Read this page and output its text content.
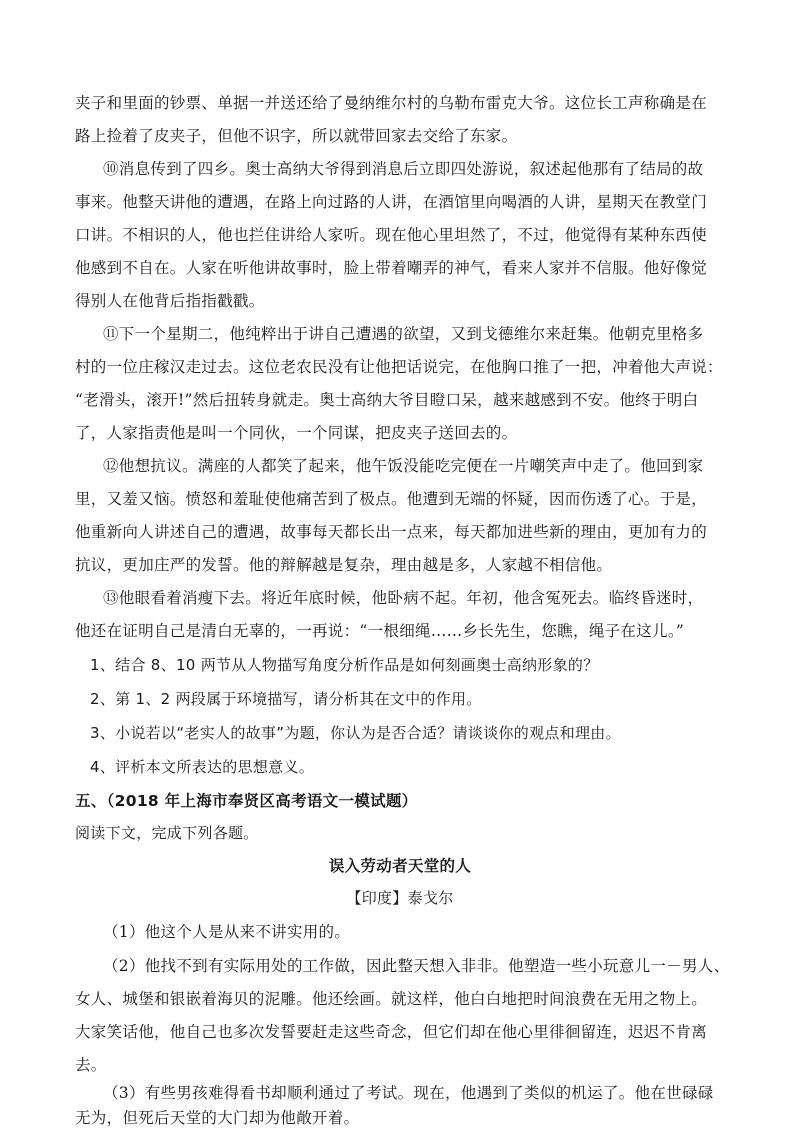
夹子和里面的钞票、单据一并送还给了曼纳维尔村的乌勒布雷克大爷。这位长工声称确是在
路上捡着了皮夹子，但他不识字，所以就带回家去交给了东家。
⑩消息传到了四乡。奥士高纳大爷得到消息后立即四处游说，叙述起他那有了结局的故
事来。他整天讲他的遭遇，在路上向过路的人讲，在酒馆里向喝酒的人讲，星期天在教堂门
口讲。不相识的人，他也拦住讲给人家听。现在他心里坦然了，不过，他觉得有某种东西使
他感到不自在。人家在听他讲故事时，脸上带着嘲弄的神气，看来人家并不信服。他好像觉
得别人在他背后指指戳戳。
⑪下一个星期二，他纯粹出于讲自己遭遇的欲望，又到戈德维尔来赶集。他朝克里格多
村的一位庄稼汉走过去。这位老农民没有让他把话说完，在他胸口推了一把，冲着他大声说：
“老滑头，滚开!”然后扭转身就走。奥士高纳大爷目瞪口呆，越来越感到不安。他终于明白
了，人家指责他是叫一个同伙，一个同谋，把皮夹子送回去的。
⑫他想抗议。满座的人都笑了起来，他午饭没能吃完便在一片嘲笑声中走了。他回到家
里，又羞又恼。愤怒和羞耻使他痛苦到了极点。他遭到无端的怀疑，因而伤透了心。于是，
他重新向人讲述自己的遭遇，故事每天都长出一点来，每天都加进些新的理由，更加有力的
抗议，更加庄严的发誓。他的辩解越是复杂，理由越是多，人家越不相信他。
⑬他眼看着消瘦下去。将近年底时候，他卧病不起。年初，他含冤死去。临终昏迷时，
他还在证明自己是清白无辜的，一再说：“一根细绳……乡长先生，您瞧，绳子在这儿。”
1、结合 8、10 两节从人物描写角度分析作品是如何刻画奥士高纳形象的？
2、第 1、2 两段属于环境描写，请分析其在文中的作用。
3、小说若以“老实人的故事”为题，你认为是否合适？请谈谈你的观点和理由。
4、评析本文所表达的思想意义。
五、（2018 年上海市奉贤区高考语文一模试题）
阅读下文，完成下列各题。
误入劳动者天堂的人
【印度】泰戈尔
（1）他这个人是从来不讲实用的。
（2）他找不到有实际用处的工作做，因此整天想入非非。他塑造一些小玩意儿一－男人、
女人、城堡和银嵌着海贝的泥雕。他还绘画。就这样，他白白地把时间浪费在无用之物上。
大家笑话他，他自己也多次发誓要赶走这些奇念，但它们却在他心里徘徊留连，迟迟不肯离
去。
（3）有些男孩难得看书却顺利通过了考试。现在，他遇到了类似的机运了。他在世碌碌
无为，但死后天堂的大门却为他敞开着。
